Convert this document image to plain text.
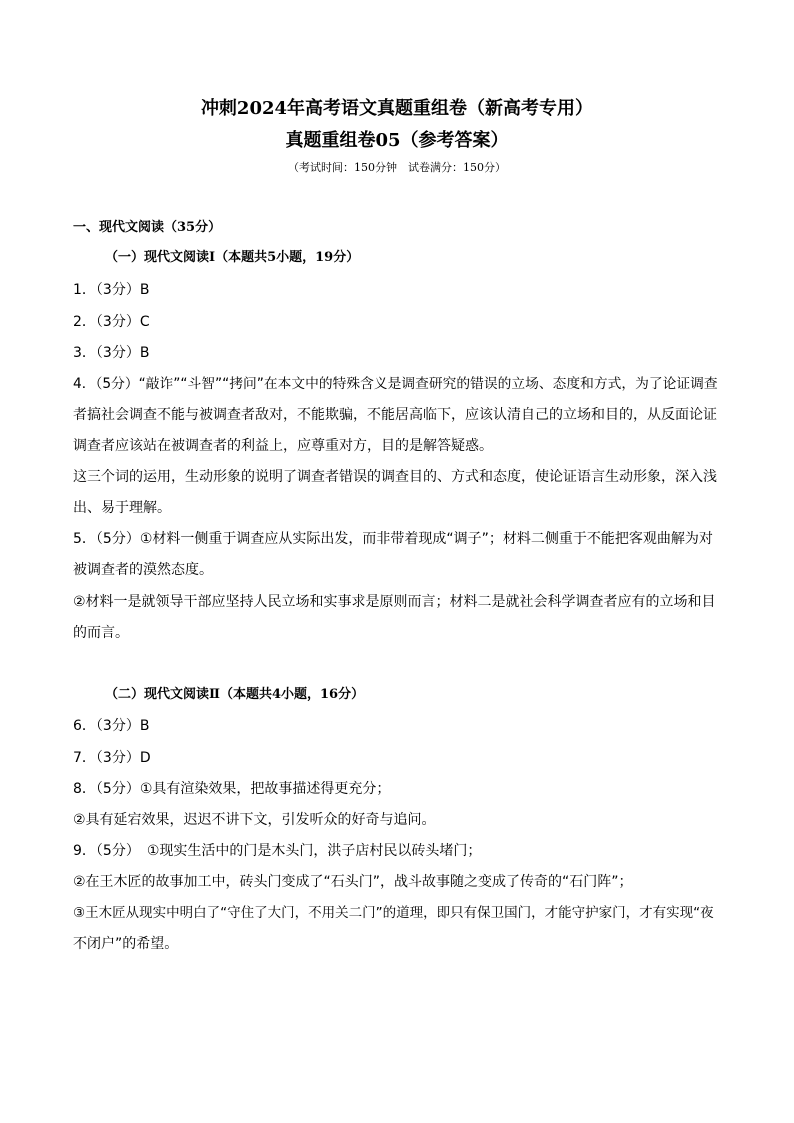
冲刺2024年高考语文真题重组卷（新高考专用）
真题重组卷05（参考答案）
（考试时间：150分钟　试卷满分：150分）
一、现代文阅读（35分）
（一）现代文阅读Ⅰ（本题共5小题，19分）
1．（3分）B
2．（3分）C
3．（3分）B
4．（5分）“敲诈”“斗智”“拷问”在本文中的特殊含义是调查研究的错误的立场、态度和方式，为了论证调查
者搞社会调查不能与被调查者敌对，不能欺骗，不能居高临下，应该认清自己的立场和目的，从反面论证
调查者应该站在被调查者的利益上，应尊重对方，目的是解答疑惑。
这三个词的运用，生动形象的说明了调查者错误的调查目的、方式和态度，使论证语言生动形象，深入浅
出、易于理解。
5．（5分）①材料一侧重于调查应从实际出发，而非带着现成“调子”；材料二侧重于不能把客观曲解为对
被调查者的漠然态度。
②材料一是就领导干部应坚持人民立场和实事求是原则而言；材料二是就社会科学调查者应有的立场和目
的而言。
（二）现代文阅读Ⅱ（本题共4小题，16分）
6．（3分）B
7．（3分）D
8．（5分）①具有渲染效果，把故事描述得更充分；
②具有延宕效果，迟迟不讲下文，引发听众的好奇与追问。
9．（5分）　①现实生活中的门是木头门，洪子店村民以砖头堵门；
②在王木匠的故事加工中，砖头门变成了“石头门”，战斗故事随之变成了传奇的“石门阵”；
③王木匠从现实中明白了“守住了大门，不用关二门”的道理，即只有保卫国门，才能守护家门，才有实现“夜
不闭户”的希望。
